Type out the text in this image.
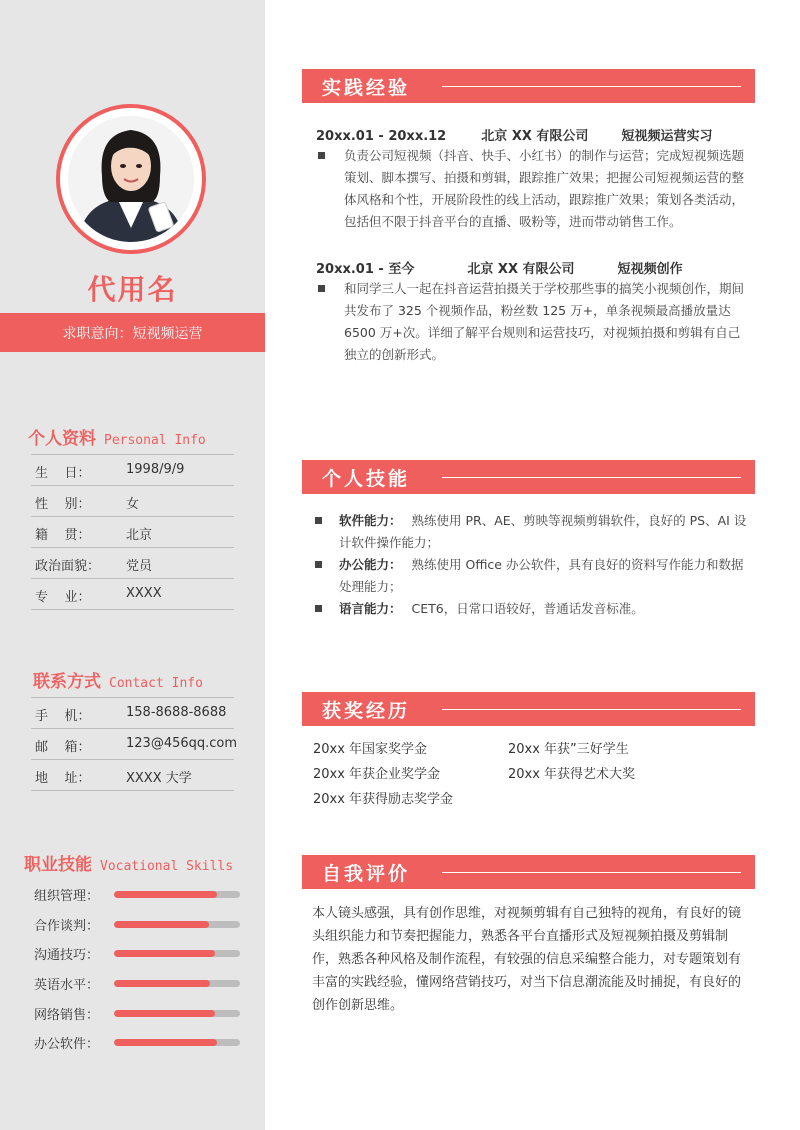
代用名
求职意向：短视频运营
个人资料 Personal Info
生    日：	1998/9/9
性    别：	女
籍    贯：	北京
政治面貌： 党员
专    业：	XXXX
联系方式 Contact Info
手    机：	158-8688-8688
邮    箱：	123@456qq.com
地    址：	XXXX 大学
职业技能 Vocational Skills
组织管理：
合作谈判：
沟通技巧：
英语水平：
网络销售：
办公软件：
实践经验
20xx.01 - 20xx.12	北京 XX 有限公司	短视频运营实习
负责公司短视频（抖音、快手、小红书）的制作与运营；完成短视频选题策划、脚本撰写、拍摄和剪辑，跟踪推广效果；把握公司短视频运营的整体风格和个性，开展阶段性的线上活动，跟踪推广效果；策划各类活动，包括但不限于抖音平台的直播、吸粉等，进而带动销售工作。
20xx.01 - 至今	北京 XX 有限公司	短视频创作
和同学三人一起在抖音运营拍摄关于学校那些事的搞笑小视频创作，期间共发布了 325 个视频作品，粉丝数 125 万+，单条视频最高播放量达 6500 万+次。详细了解平台规则和运营技巧，对视频拍摄和剪辑有自己独立的创新形式。
个人技能
软件能力： 熟练使用 PR、AE、剪映等视频剪辑软件，良好的 PS、AI 设计软件操作能力；
办公能力： 熟练使用 Office 办公软件，具有良好的资料写作能力和数据处理能力；
语言能力： CET6，日常口语较好，普通话发音标准。
获奖经历
20xx 年国家奖学金	20xx 年获”三好学生
20xx 年获企业奖学金	20xx 年获得艺术大奖
20xx 年获得励志奖学金
自我评价
本人镜头感强，具有创作思维，对视频剪辑有自己独特的视角，有良好的镜头组织能力和节奏把握能力，熟悉各平台直播形式及短视频拍摄及剪辑制作，熟悉各种风格及制作流程，有较强的信息采编整合能力，对专题策划有丰富的实践经验，懂网络营销技巧，对当下信息潮流能及时捕捉，有良好的创作创新思维。
